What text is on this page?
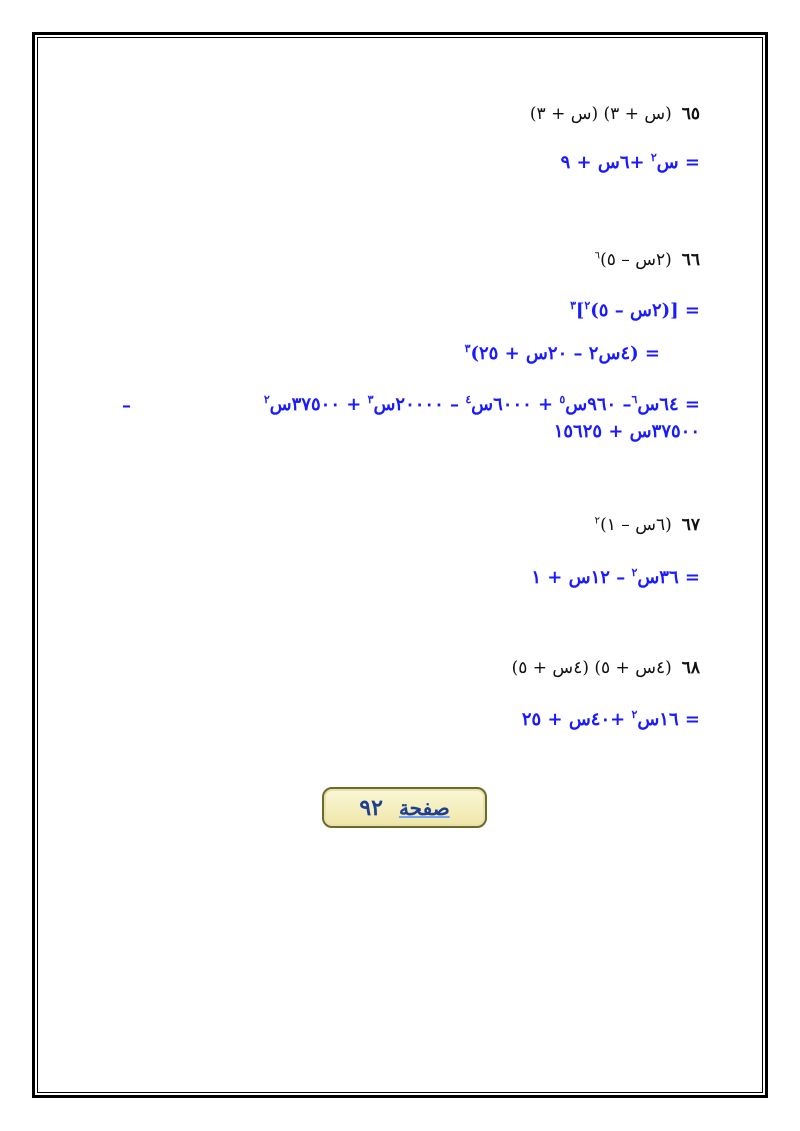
٦٥(س + ٣) (س + ٣)
= س$^٢$ +٦س + ٩
٦٦(٢س – ٥)$^٦$
= [(٢س – ٥)$^٢$]$^٣$
= (٤س٢ – ٢٠س + ٢٥)$^٣$
= ٦٤س$^٦$– ٩٦٠س$^٥$ + ٦٠٠٠س$^٤$ – ٢٠٠٠٠س$^٣$ + ٣٧٥٠٠س$^٢$
–
٣٧٥٠٠س + ١٥٦٢٥
٦٧(٦س – ١)$^٢$
= ٣٦س$^٢$ – ١٢س + ١
٦٨(٤س + ٥) (٤س + ٥)
= ١٦س$^٢$ +٤٠س + ٢٥
صفحة
٩٢
